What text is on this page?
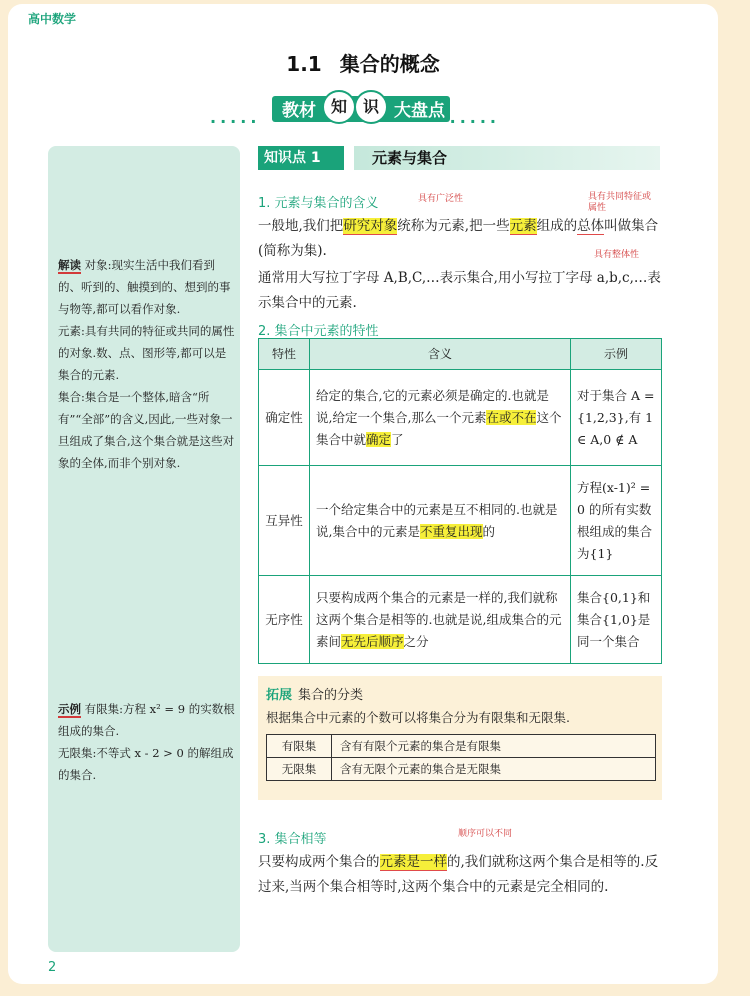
高中数学
1.1 集合的概念
·····
教材 知 识 大盘点
·····
解读 对象:现实生活中我们看到的、听到的、触摸到的、想到的事与物等,都可以看作对象.
元素:具有共同的特征或共同的属性的对象.数、点、图形等,都可以是集合的元素.
集合:集合是一个整体,暗含“所有”“全部”的含义,因此,一些对象一旦组成了集合,这个集合就是这些对象的全体,而非个别对象.
示例 有限集:方程 x² = 9 的实数根组成的集合.
无限集:不等式 x - 2 > 0 的解组成的集合.
知识点 1	元素与集合
1. 元素与集合的含义	具有广泛性	具有共同特征或属性
具有整体性
一般地,我们把研究对象统称为元素,把一些元素组成的总体叫做集合(简称为集).
通常用大写拉丁字母 A,B,C,…表示集合,用小写拉丁字母 a,b,c,…表示集合中的元素.
2. 集合中元素的特性
特性	含义	示例
确定性	给定的集合,它的元素必须是确定的.也就是说,给定一个集合,那么一个元素在或不在这个集合中就确定了	对于集合 A = {1,2,3},有 1 ∈ A,0 ∉ A
互异性	一个给定集合中的元素是互不相同的.也就是说,集合中的元素是不重复出现的	方程(x-1)² = 0 的所有实数根组成的集合为{1}
无序性	只要构成两个集合的元素是一样的,我们就称这两个集合是相等的.也就是说,组成集合的元素间无先后顺序之分	集合{0,1}和集合{1,0}是同一个集合
拓展 集合的分类
根据集合中元素的个数可以将集合分为有限集和无限集.
有限集	含有有限个元素的集合是有限集
无限集	含有无限个元素的集合是无限集
3. 集合相等	顺序可以不同
只要构成两个集合的元素是一样的,我们就称这两个集合是相等的.反过来,当两个集合相等时,这两个集合中的元素是完全相同的.
2
